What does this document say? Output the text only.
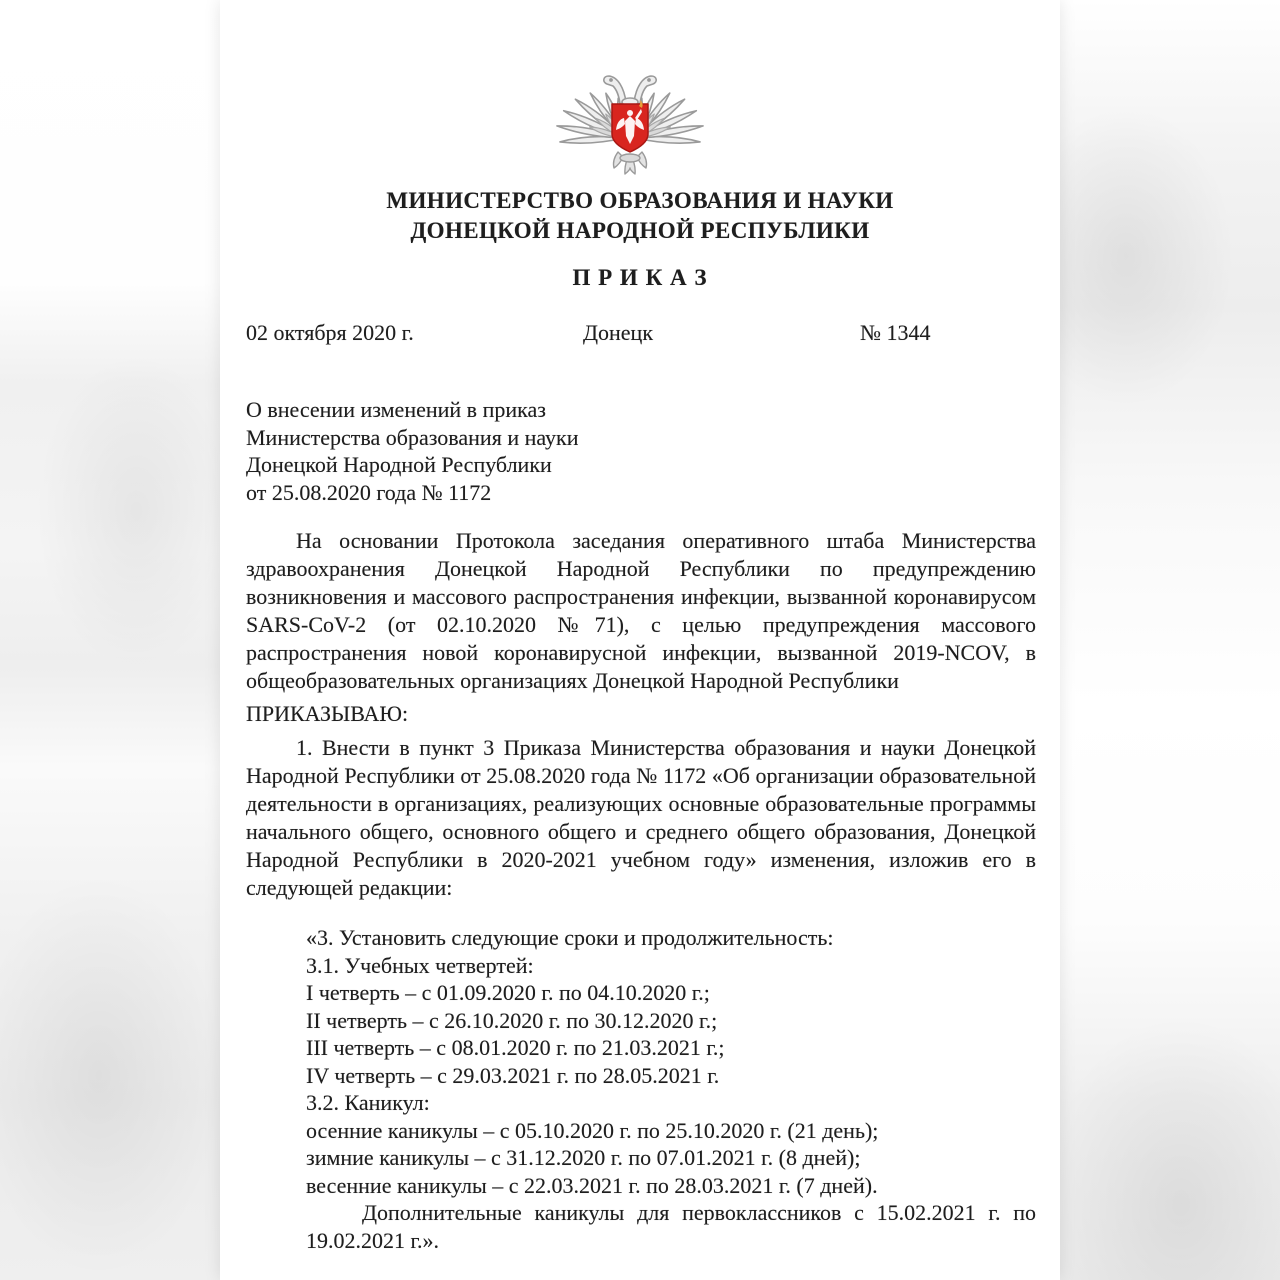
МИНИСТЕРСТВО ОБРАЗОВАНИЯ И НАУКИ
ДОНЕЦКОЙ НАРОДНОЙ РЕСПУБЛИКИ
П Р И К А З
02 октября 2020 г.	Донецк	№ 1344
О внесении изменений в приказ
Министерства образования и науки
Донецкой Народной Республики
от 25.08.2020 года № 1172

На основании Протокола заседания оперативного штаба Министерства здравоохранения Донецкой Народной Республики по предупреждению возникновения и массового распространения инфекции, вызванной коронавирусом SARS-CoV-2 (от 02.10.2020 №71), с целью предупреждения массового распространения новой коронавирусной инфекции, вызванной 2019-NCOV, в общеобразовательных организациях Донецкой Народной Республики

ПРИКАЗЫВАЮ:

1. Внести в пункт 3 Приказа Министерства образования и науки Донецкой Народной Республики от 25.08.2020 года № 1172 «Об организации образовательной деятельности в организациях, реализующих основные образовательные программы начального общего, основного общего и среднего общего образования, Донецкой Народной Республики в 2020-2021 учебном году» изменения, изложив его в следующей редакции:

«3. Установить следующие сроки и продолжительность:
3.1. Учебных четвертей:
I четверть – с 01.09.2020 г. по 04.10.2020 г.;
II четверть – с 26.10.2020 г. по 30.12.2020 г.;
III четверть – с 08.01.2020 г. по 21.03.2021 г.;
IV четверть – с 29.03.2021 г. по 28.05.2021 г.
3.2. Каникул:
осенние каникулы – с 05.10.2020 г. по 25.10.2020 г. (21 день);
зимние каникулы – с 31.12.2020 г. по 07.01.2021 г. (8 дней);
весенние каникулы – с 22.03.2021 г. по 28.03.2021 г. (7 дней).

Дополнительные каникулы для первоклассников с 15.02.2021 г. по 19.02.2021 г.».
